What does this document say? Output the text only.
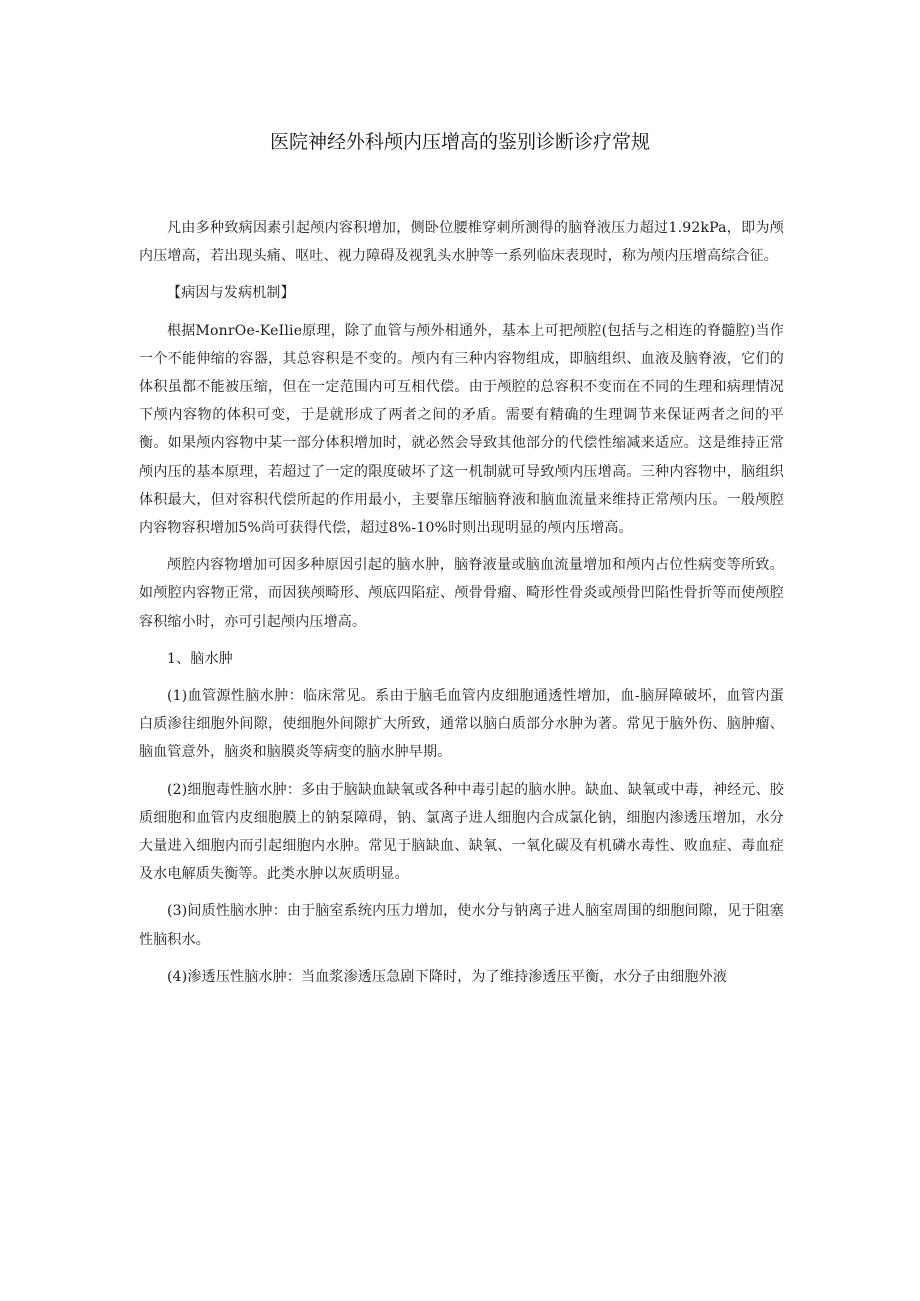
医院神经外科颅内压增高的鉴别诊断诊疗常规

凡由多种致病因素引起颅内容积增加，侧卧位腰椎穿刺所测得的脑脊液压力超过1.92kPa，即为颅内压增高，若出现头痛、呕吐、视力障碍及视乳头水肿等一系列临床表现时，称为颅内压增高综合征。

【病因与发病机制】

根据MonrOe-KeIlie原理，除了血管与颅外相通外，基本上可把颅腔(包括与之相连的脊髓腔)当作一个不能伸缩的容器，其总容积是不变的。颅内有三种内容物组成，即脑组织、血液及脑脊液，它们的体积虽都不能被压缩，但在一定范围内可互相代偿。由于颅腔的总容积不变而在不同的生理和病理情况下颅内容物的体积可变，于是就形成了两者之间的矛盾。需要有精确的生理调节来保证两者之间的平衡。如果颅内容物中某一部分体积增加时，就必然会导致其他部分的代偿性缩减来适应。这是维持正常颅内压的基本原理，若超过了一定的限度破坏了这一机制就可导致颅内压增高。三种内容物中，脑组织体积最大，但对容积代偿所起的作用最小，主要靠压缩脑脊液和脑血流量来维持正常颅内压。一般颅腔内容物容积增加5%尚可获得代偿，超过8%-10%时则出现明显的颅内压增高。

颅腔内容物增加可因多种原因引起的脑水肿，脑脊液量或脑血流量增加和颅内占位性病变等所致。如颅腔内容物正常，而因狭颅畸形、颅底四陷症、颅骨骨瘤、畸形性骨炎或颅骨凹陷性骨折等而使颅腔容积缩小时，亦可引起颅内压增高。

1、脑水肿

(1)血管源性脑水肿：临床常见。系由于脑毛血管内皮细胞通透性增加，血-脑屏障破坏，血管内蛋白质渗往细胞外间隙，使细胞外间隙扩大所致，通常以脑白质部分水肿为著。常见于脑外伤、脑肿瘤、脑血管意外，脑炎和脑膜炎等病变的脑水肿早期。

(2)细胞毒性脑水肿：多由于脑缺血缺氧或各种中毒引起的脑水肿。缺血、缺氧或中毒，神经元、胶质细胞和血管内皮细胞膜上的钠泵障碍，钠、氯离子进人细胞内合成氯化钠，细胞内渗透压增加，水分大量进入细胞内而引起细胞内水肿。常见于脑缺血、缺氧、一氧化碳及有机磷水毒性、败血症、毒血症及水电解质失衡等。此类水肿以灰质明显。

(3)间质性脑水肿：由于脑室系统内压力增加，使水分与钠离子进人脑室周围的细胞间隙，见于阻塞性脑积水。

(4)渗透压性脑水肿：当血浆渗透压急剧下降时，为了维持渗透压平衡，水分子由细胞外液
